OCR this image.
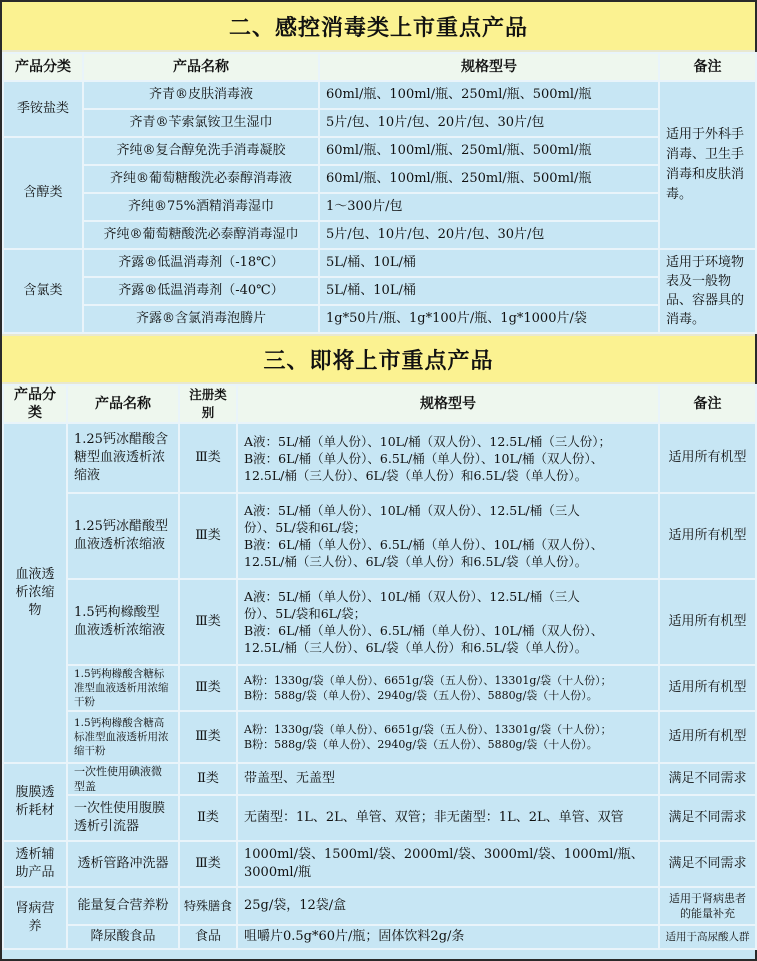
二、感控消毒类上市重点产品
产品分类	产品名称	规格型号	备注
季铵盐类	齐青®皮肤消毒液	60ml/瓶、100ml/瓶、250ml/瓶、500ml/瓶	适用于外科手消毒、卫生手消毒和皮肤消毒。
	齐青®苄索氯铵卫生湿巾	5片/包、10片/包、20片/包、30片/包	
含醇类	齐纯®复合醇免洗手消毒凝胶	60ml/瓶、100ml/瓶、250ml/瓶、500ml/瓶	
	齐纯®葡萄糖酸洗必泰醇消毒液	60ml/瓶、100ml/瓶、250ml/瓶、500ml/瓶	
	齐纯®75%酒精消毒湿巾	1～300片/包	
	齐纯®葡萄糖酸洗必泰醇消毒湿巾	5片/包、10片/包、20片/包、30片/包	
含氯类	齐露®低温消毒剂（-18℃）	5L/桶、10L/桶	适用于环境物表及一般物品、容器具的消毒。
	齐露®低温消毒剂（-40℃）	5L/桶、10L/桶	
	齐露®含氯消毒泡腾片	1g*50片/瓶、1g*100片/瓶、1g*1000片/袋	
三、即将上市重点产品
产品分类	产品名称	注册类别	规格型号	备注
血液透析浓缩物	1.25钙冰醋酸含糖型血液透析浓缩液	Ⅲ类	A液：5L/桶（单人份）、10L/桶（双人份）、12.5L/桶（三人份）；
B液：6L/桶（单人份）、6.5L/桶（单人份）、10L/桶（双人份）、
12.5L/桶（三人份）、6L/袋（单人份）和6.5L/袋（单人份）。	适用所有机型
	1.25钙冰醋酸型血液透析浓缩液	Ⅲ类	A液：5L/桶（单人份）、10L/桶（双人份）、12.5L/桶（三人
份）、5L/袋和6L/袋；
B液：6L/桶（单人份）、6.5L/桶（单人份）、10L/桶（双人份）、
12.5L/桶（三人份）、6L/袋（单人份）和6.5L/袋（单人份）。	适用所有机型
	1.5钙枸橼酸型血液透析浓缩液	Ⅲ类	A液：5L/桶（单人份）、10L/桶（双人份）、12.5L/桶（三人
份）、5L/袋和6L/袋；
B液：6L/桶（单人份）、6.5L/桶（单人份）、10L/桶（双人份）、
12.5L/桶（三人份）、6L/袋（单人份）和6.5L/袋（单人份）。	适用所有机型
	1.5钙枸橼酸含糖标准型血液透析用浓缩干粉	Ⅲ类	A粉：1330g/袋（单人份）、6651g/袋（五人份）、13301g/袋（十人份）；
B粉：588g/袋（单人份）、2940g/袋（五人份）、5880g/袋（十人份）。	适用所有机型
	1.5钙枸橼酸含糖高标准型血液透析用浓缩干粉	Ⅲ类	A粉：1330g/袋（单人份）、6651g/袋（五人份）、13301g/袋（十人份）；
B粉：588g/袋（单人份）、2940g/袋（五人份）、5880g/袋（十人份）。	适用所有机型
腹膜透析耗材	一次性使用碘液微型盖	Ⅱ类	带盖型、无盖型	满足不同需求
	一次性使用腹膜透析引流器	Ⅱ类	无菌型：1L、2L、单管、双管；非无菌型：1L、2L、单管、双管	满足不同需求
透析辅助产品	透析管路冲洗器	Ⅲ类	1000ml/袋、1500ml/袋、2000ml/袋、3000ml/袋、1000ml/瓶、
3000ml/瓶	满足不同需求
肾病营养	能量复合营养粉	特殊膳食	25g/袋，12袋/盒	适用于肾病患者的能量补充
	降尿酸食品	食品	咀嚼片0.5g*60片/瓶；固体饮料2g/条	适用于高尿酸人群
